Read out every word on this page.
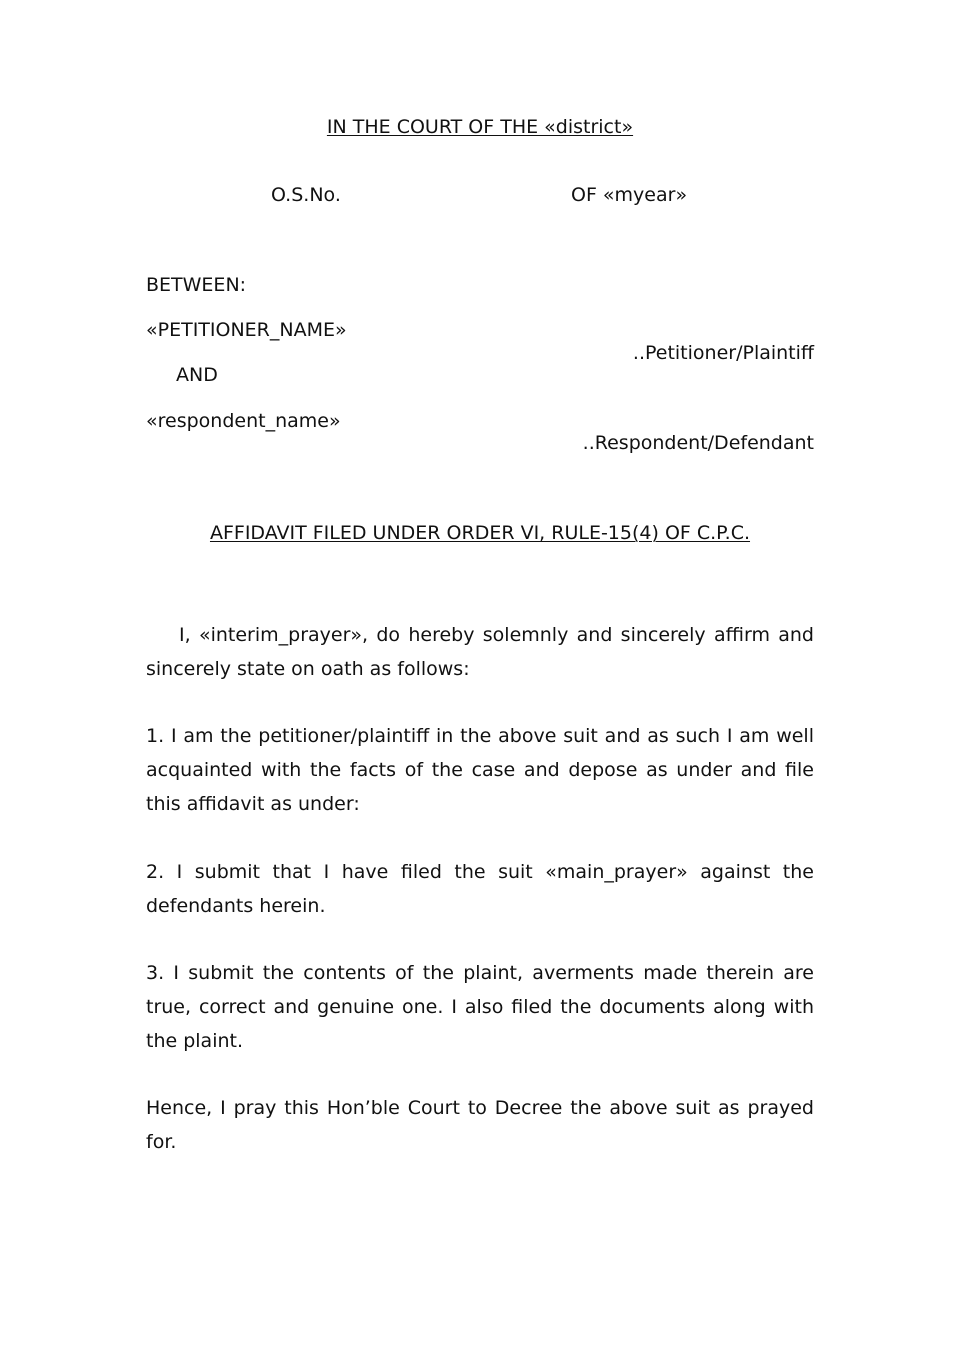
IN THE COURT OF THE «district»
O.S.No.	OF «myear»
BETWEEN:
«PETITIONER_NAME»
..Petitioner/Plaintiff
AND
«respondent_name»
..Respondent/Defendant
AFFIDAVIT FILED UNDER ORDER VI, RULE-15(4) OF C.P.C.
I, «interim_prayer», do hereby solemnly and sincerely affirm and sincerely state on oath as follows:
1. I am the petitioner/plaintiff in the above suit and as such I am well acquainted with the facts of the case and depose as under and file this affidavit as under:
2. I submit that I have filed the suit «main_prayer» against the defendants herein.
3. I submit the contents of the plaint, averments made therein are true, correct and genuine one. I also filed the documents along with the plaint.
Hence, I pray this Hon’ble Court to Decree the above suit as prayed for.
